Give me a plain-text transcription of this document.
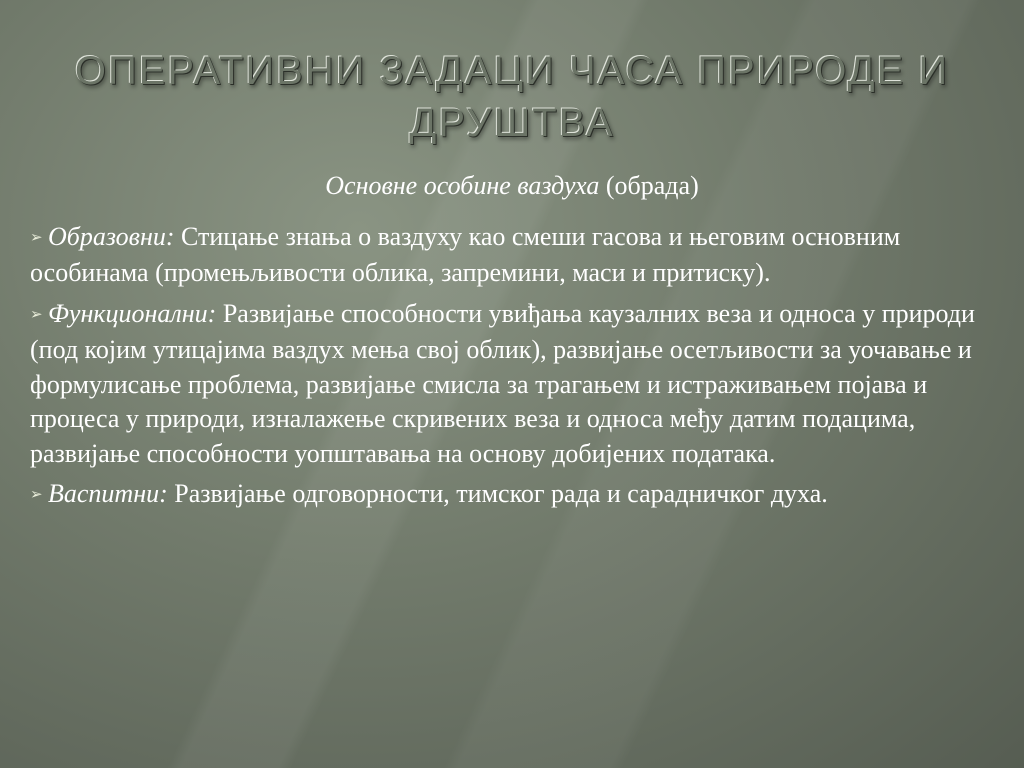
ОПЕРАТИВНИ ЗАДАЦИ ЧАСА ПРИРОДЕ И ДРУШТВА
Основне особине ваздуха (обрада)
➢ Образовни: Стицање знања о ваздуху као смеши гасова и његовим основним особинама (промењљивости облика, запремини, маси и притиску).
➢ Функционални: Развијање способности увиђања каузалних веза и односа у природи (под којим утицајима ваздух мења свој облик), развијање осетљивости за уочавање и формулисање проблема, развијање смисла за трагањем и истраживањем појава и процеса у природи, изналажење скривених веза и односа међу датим подацима, развијање способности уопштавања на основу добијених података.
➢ Васпитни: Развијање одговорности, тимског рада и сарадничког духа.
